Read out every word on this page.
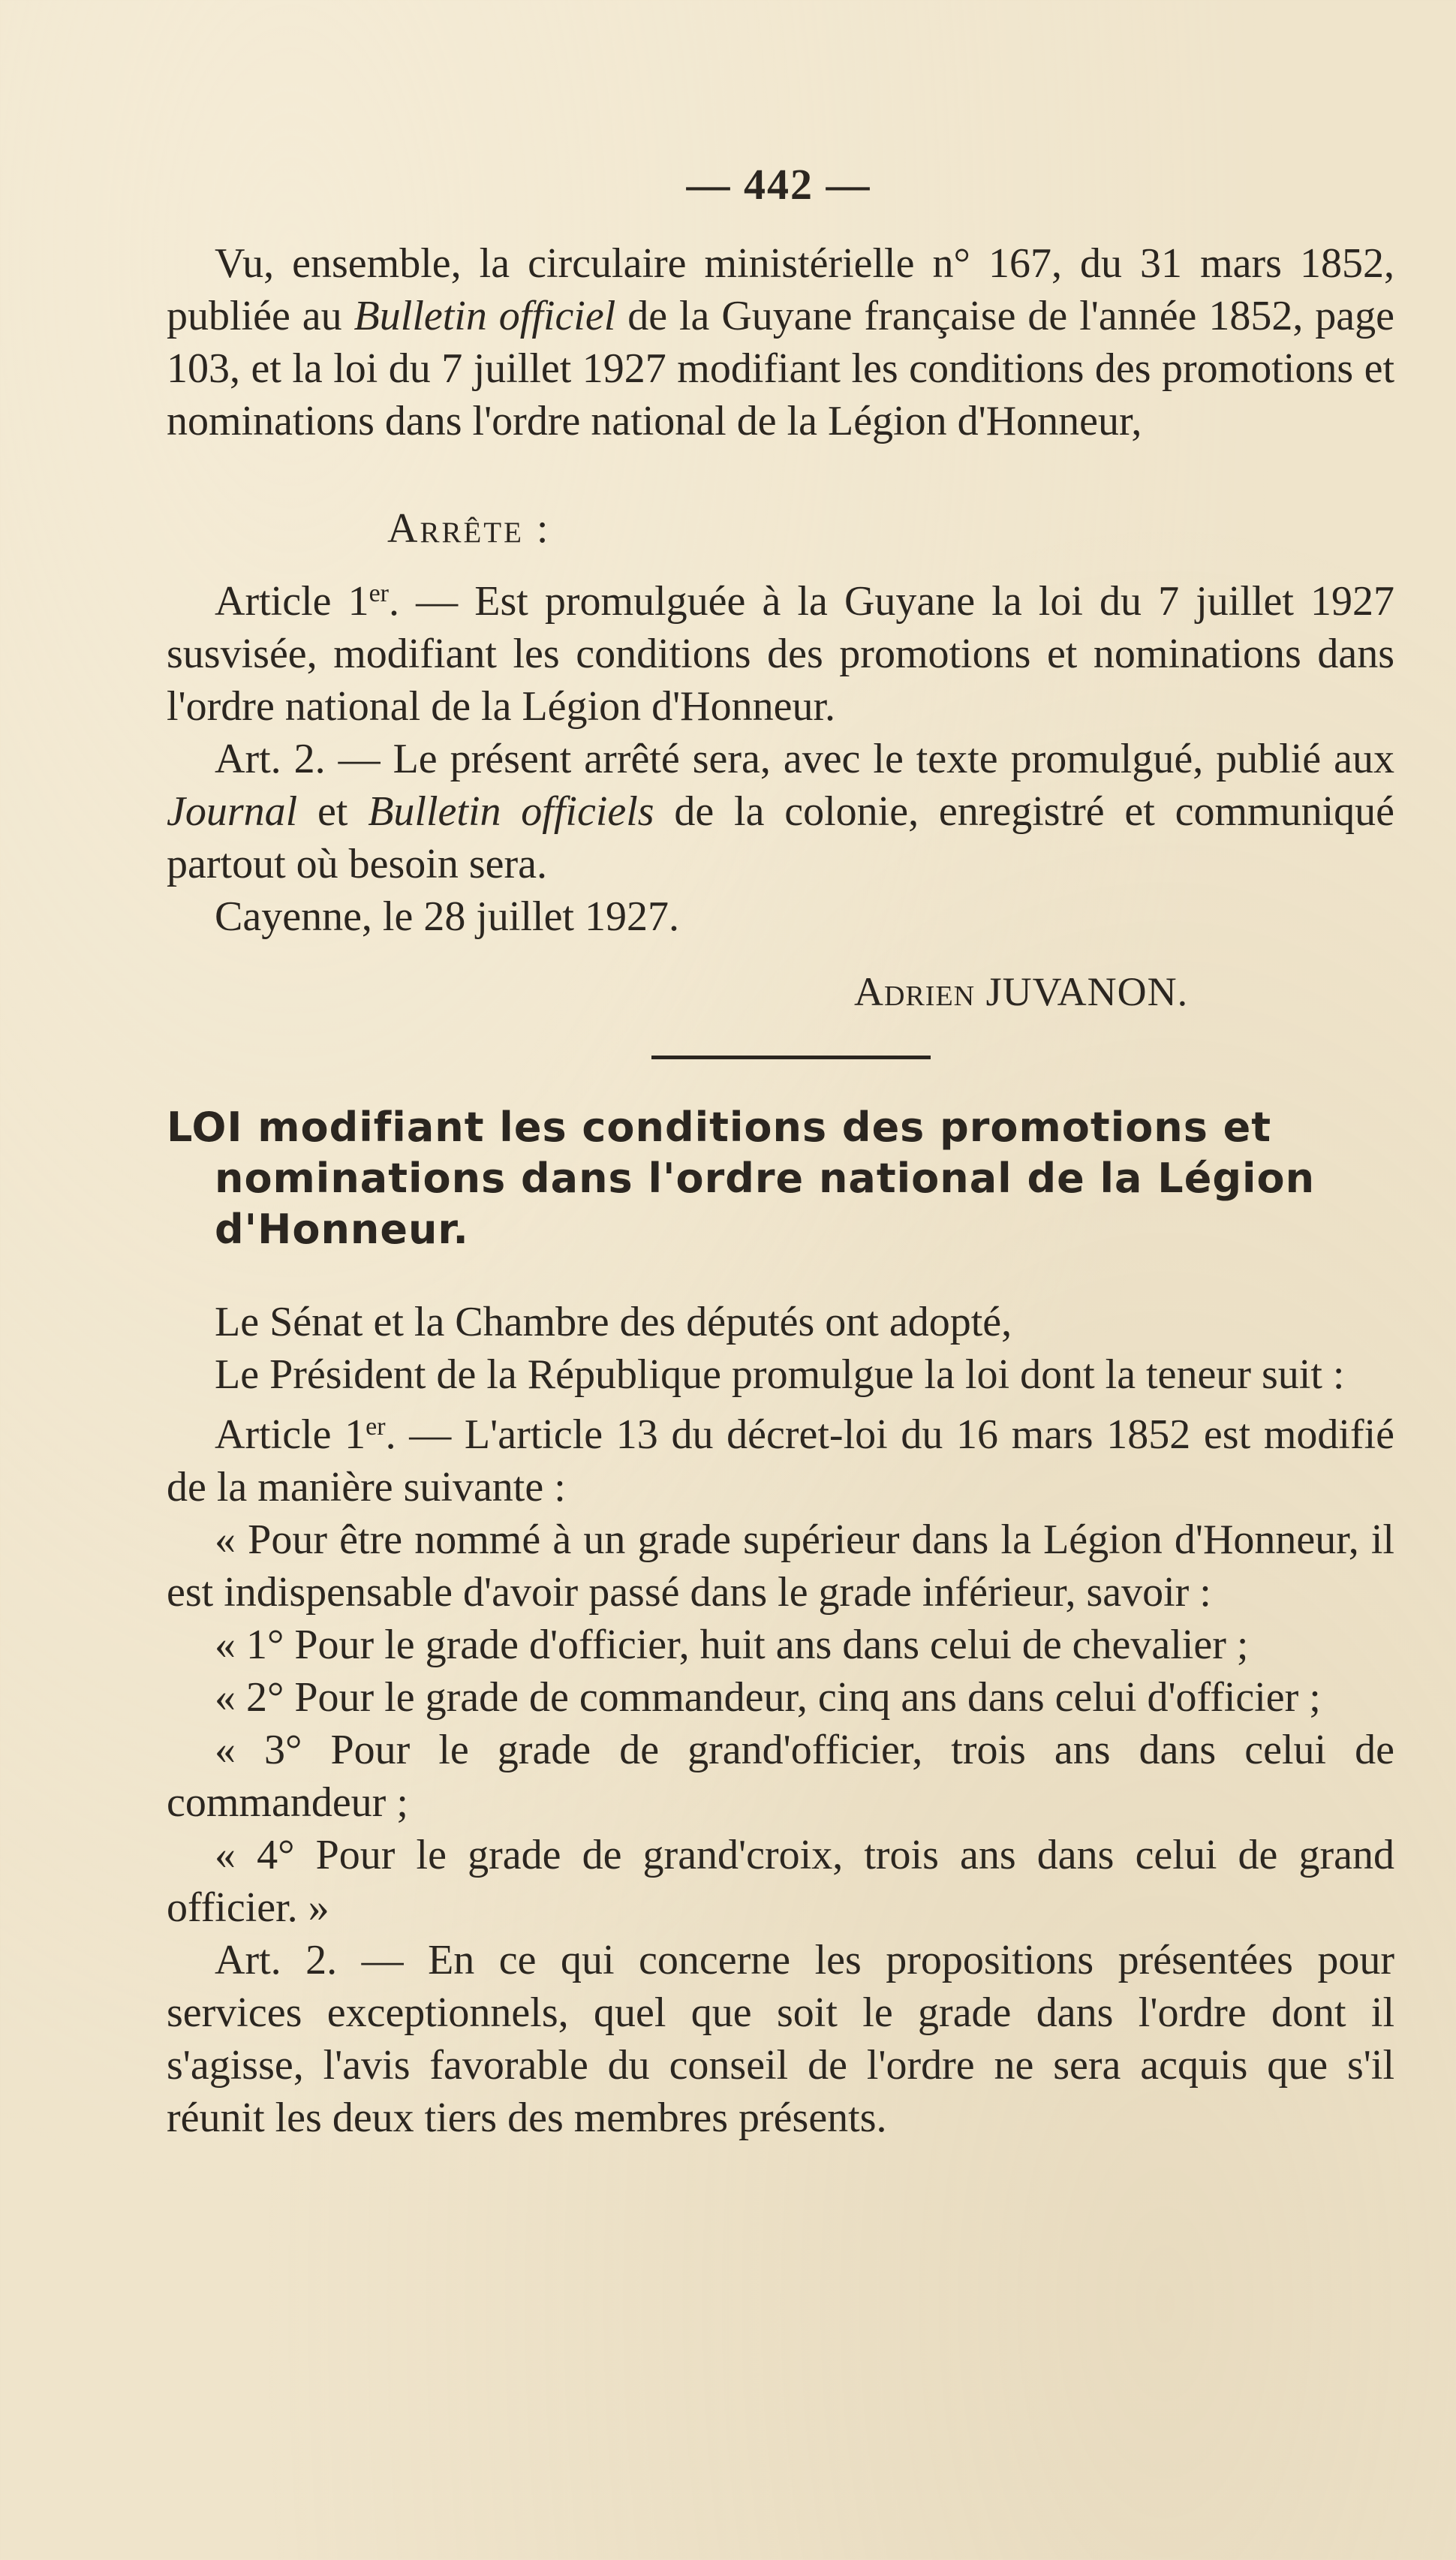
— 442 —

Vu, ensemble, la circulaire ministérielle n° 167, du 31 mars 1852, publiée au Bulletin officiel de la Guyane française de l'année 1852, page 103, et la loi du 7 juillet 1927 modifiant les conditions des promotions et nominations dans l'ordre national de la Légion d'Honneur,

Arrête :

Article 1er. — Est promulguée à la Guyane la loi du 7 juillet 1927 susvisée, modifiant les conditions des promotions et nominations dans l'ordre national de la Légion d'Honneur.

Art. 2. — Le présent arrêté sera, avec le texte promulgué, publié aux Journal et Bulletin officiels de la colonie, enregistré et communiqué partout où besoin sera.

Cayenne, le 28 juillet 1927.

Adrien JUVANON.
LOI modifiant les conditions des promotions et
nominations dans l'ordre national de la Légion
d'Honneur.

Le Sénat et la Chambre des députés ont adopté,

Le Président de la République promulgue la loi dont la teneur suit :

Article 1er. — L'article 13 du décret-loi du 16 mars 1852 est modifié de la manière suivante :

« Pour être nommé à un grade supérieur dans la Légion d'Honneur, il est indispensable d'avoir passé dans le grade inférieur, savoir :

« 1° Pour le grade d'officier, huit ans dans celui de chevalier ;

« 2° Pour le grade de commandeur, cinq ans dans celui d'officier ;

« 3° Pour le grade de grand'officier, trois ans dans celui de commandeur ;

« 4° Pour le grade de grand'croix, trois ans dans celui de grand officier. »

Art. 2. — En ce qui concerne les propositions présentées pour services exceptionnels, quel que soit le grade dans l'ordre dont il s'agisse, l'avis favorable du conseil de l'ordre ne sera acquis que s'il réunit les deux tiers des membres présents.
